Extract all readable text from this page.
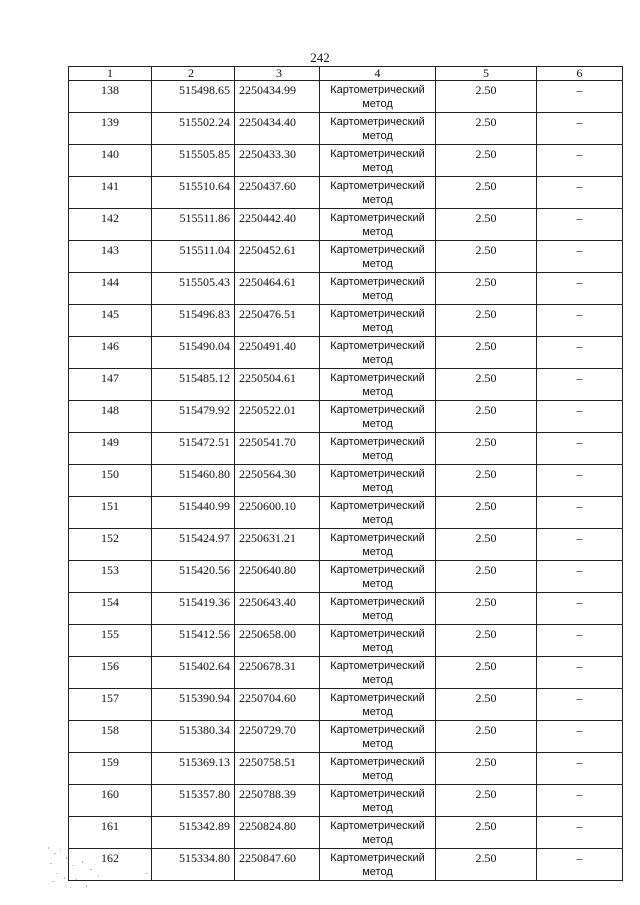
242
1	2	3	4	5	6
138	515498.65	2250434.99	Картометрический метод	2.50	–
139	515502.24	2250434.40	Картометрический метод	2.50	–
140	515505.85	2250433.30	Картометрический метод	2.50	–
141	515510.64	2250437.60	Картометрический метод	2.50	–
142	515511.86	2250442.40	Картометрический метод	2.50	–
143	515511.04	2250452.61	Картометрический метод	2.50	–
144	515505.43	2250464.61	Картометрический метод	2.50	–
145	515496.83	2250476.51	Картометрический метод	2.50	–
146	515490.04	2250491.40	Картометрический метод	2.50	–
147	515485.12	2250504.61	Картометрический метод	2.50	–
148	515479.92	2250522.01	Картометрический метод	2.50	–
149	515472.51	2250541.70	Картометрический метод	2.50	–
150	515460.80	2250564.30	Картометрический метод	2.50	–
151	515440.99	2250600.10	Картометрический метод	2.50	–
152	515424.97	2250631.21	Картометрический метод	2.50	–
153	515420.56	2250640.80	Картометрический метод	2.50	–
154	515419.36	2250643.40	Картометрический метод	2.50	–
155	515412.56	2250658.00	Картометрический метод	2.50	–
156	515402.64	2250678.31	Картометрический метод	2.50	–
157	515390.94	2250704.60	Картометрический метод	2.50	–
158	515380.34	2250729.70	Картометрический метод	2.50	–
159	515369.13	2250758.51	Картометрический метод	2.50	–
160	515357.80	2250788.39	Картометрический метод	2.50	–
161	515342.89	2250824.80	Картометрический метод	2.50	–
162	515334.80	2250847.60	Картометрический метод	2.50	–
